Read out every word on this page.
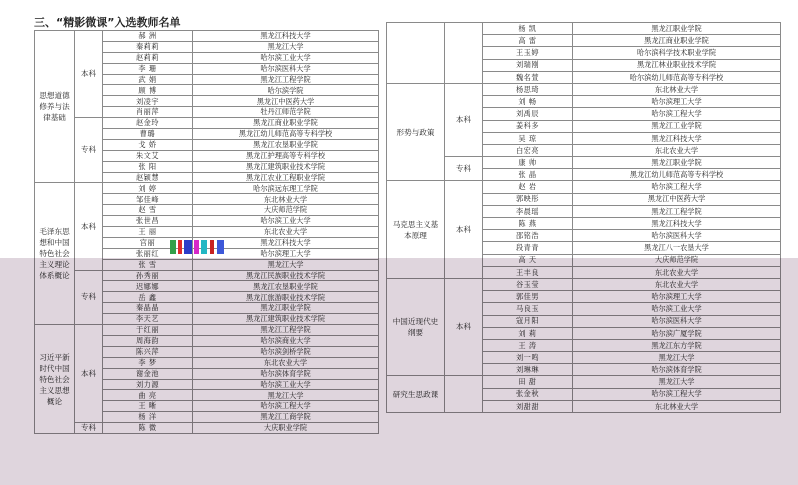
三、“精影微课”入选教师名单
思想道德修养与法律基础	本科	郝 洲	黑龙江科技大学
		秦莉莉	黑龙江大学
		赵莉莉	哈尔滨工业大学
		李 珊	哈尔滨医科大学
		武 娟	黑龙江工程学院
		顾 博	哈尔滨学院
		刘凌宇	黑龙江中医药大学
		肖丽萍	牡丹江师范学院
	专科	赵金玲	黑龙江商业职业学院
		曹璐	黑龙江幼儿师范高等专科学校
		戈 娇	黑龙江农垦职业学院
		朱文艾	黑龙江护理高等专科学校
		张 阳	黑龙江建筑职业技术学院
		赵颖慧	黑龙江农业工程职业学院
毛泽东思想和中国特色社会主义理论体系概论	本科	刘 婷	哈尔滨远东理工学院
		邹佳峰	东北林业大学
		赵 雪	大庆师范学院
		张世昌	哈尔滨工业大学
		王 丽	东北农业大学
		宫丽	黑龙江科技大学
		张丽红	哈尔滨理工大学
		张 雪	黑龙江大学
	专科	孙秀丽	黑龙江民族职业技术学院
		迟娜娜	黑龙江农垦职业学院
		岳 鑫	黑龙江旅游职业技术学院
		秦晶晶	黑龙江职业学院
		李天艺	黑龙江建筑职业技术学院
习近平新时代中国特色社会主义思想概论	本科	于红丽	黑龙江工程学院
		周海韵	哈尔滨商业大学
		陈兴萍	哈尔滨剑桥学院
		李 梦	东北农业大学
		谢金池	哈尔滨体育学院
		刘力源	哈尔滨工业大学
		曲 亮	黑龙江大学
		王 晰	哈尔滨工程大学
		杨 洋	黑龙江工商学院
	专科	陈 微	大庆职业学院
		杨 凯	黑龙江职业学院
		高 雷	黑龙江商业职业学院
		王玉婷	哈尔滨科学技术职业学院
		刘瑞刚	黑龙江林业职业技术学院
		魏名萱	哈尔滨幼儿师范高等专科学校
形势与政策	本科	杨思琦	东北林业大学
		刘 畅	哈尔滨理工大学
		刘禹辰	哈尔滨工程大学
		姜科多	黑龙江工业学院
		吴 琼	黑龙江科技大学
		白宏亮	东北农业大学
	专科	康 帅	黑龙江职业学院
		张 晶	黑龙江幼儿师范高等专科学校
马克思主义基本原理	本科	赵 岩	哈尔滨工程大学
		郭映彤	黑龙江中医药大学
		李晨瑶	黑龙江工程学院
		陈 燕	黑龙江科技大学
		邵铭浩	哈尔滨医科大学
		段青青	黑龙江八一农垦大学
		高 天	大庆师范学院
		王丰良	东北农业大学
中国近现代史纲要	本科	谷玉莹	东北农业大学
		郭佳男	哈尔滨理工大学
		马良玉	哈尔滨工业大学
		寇月阳	哈尔滨医科大学
		刘 莉	哈尔滨广厦学院
		王 涛	黑龙江东方学院
		刘一鸣	黑龙江大学
		刘琳琳	哈尔滨体育学院
研究生思政课		田 甜	黑龙江大学
		张金秋	哈尔滨工程大学
		刘甜甜	东北林业大学
